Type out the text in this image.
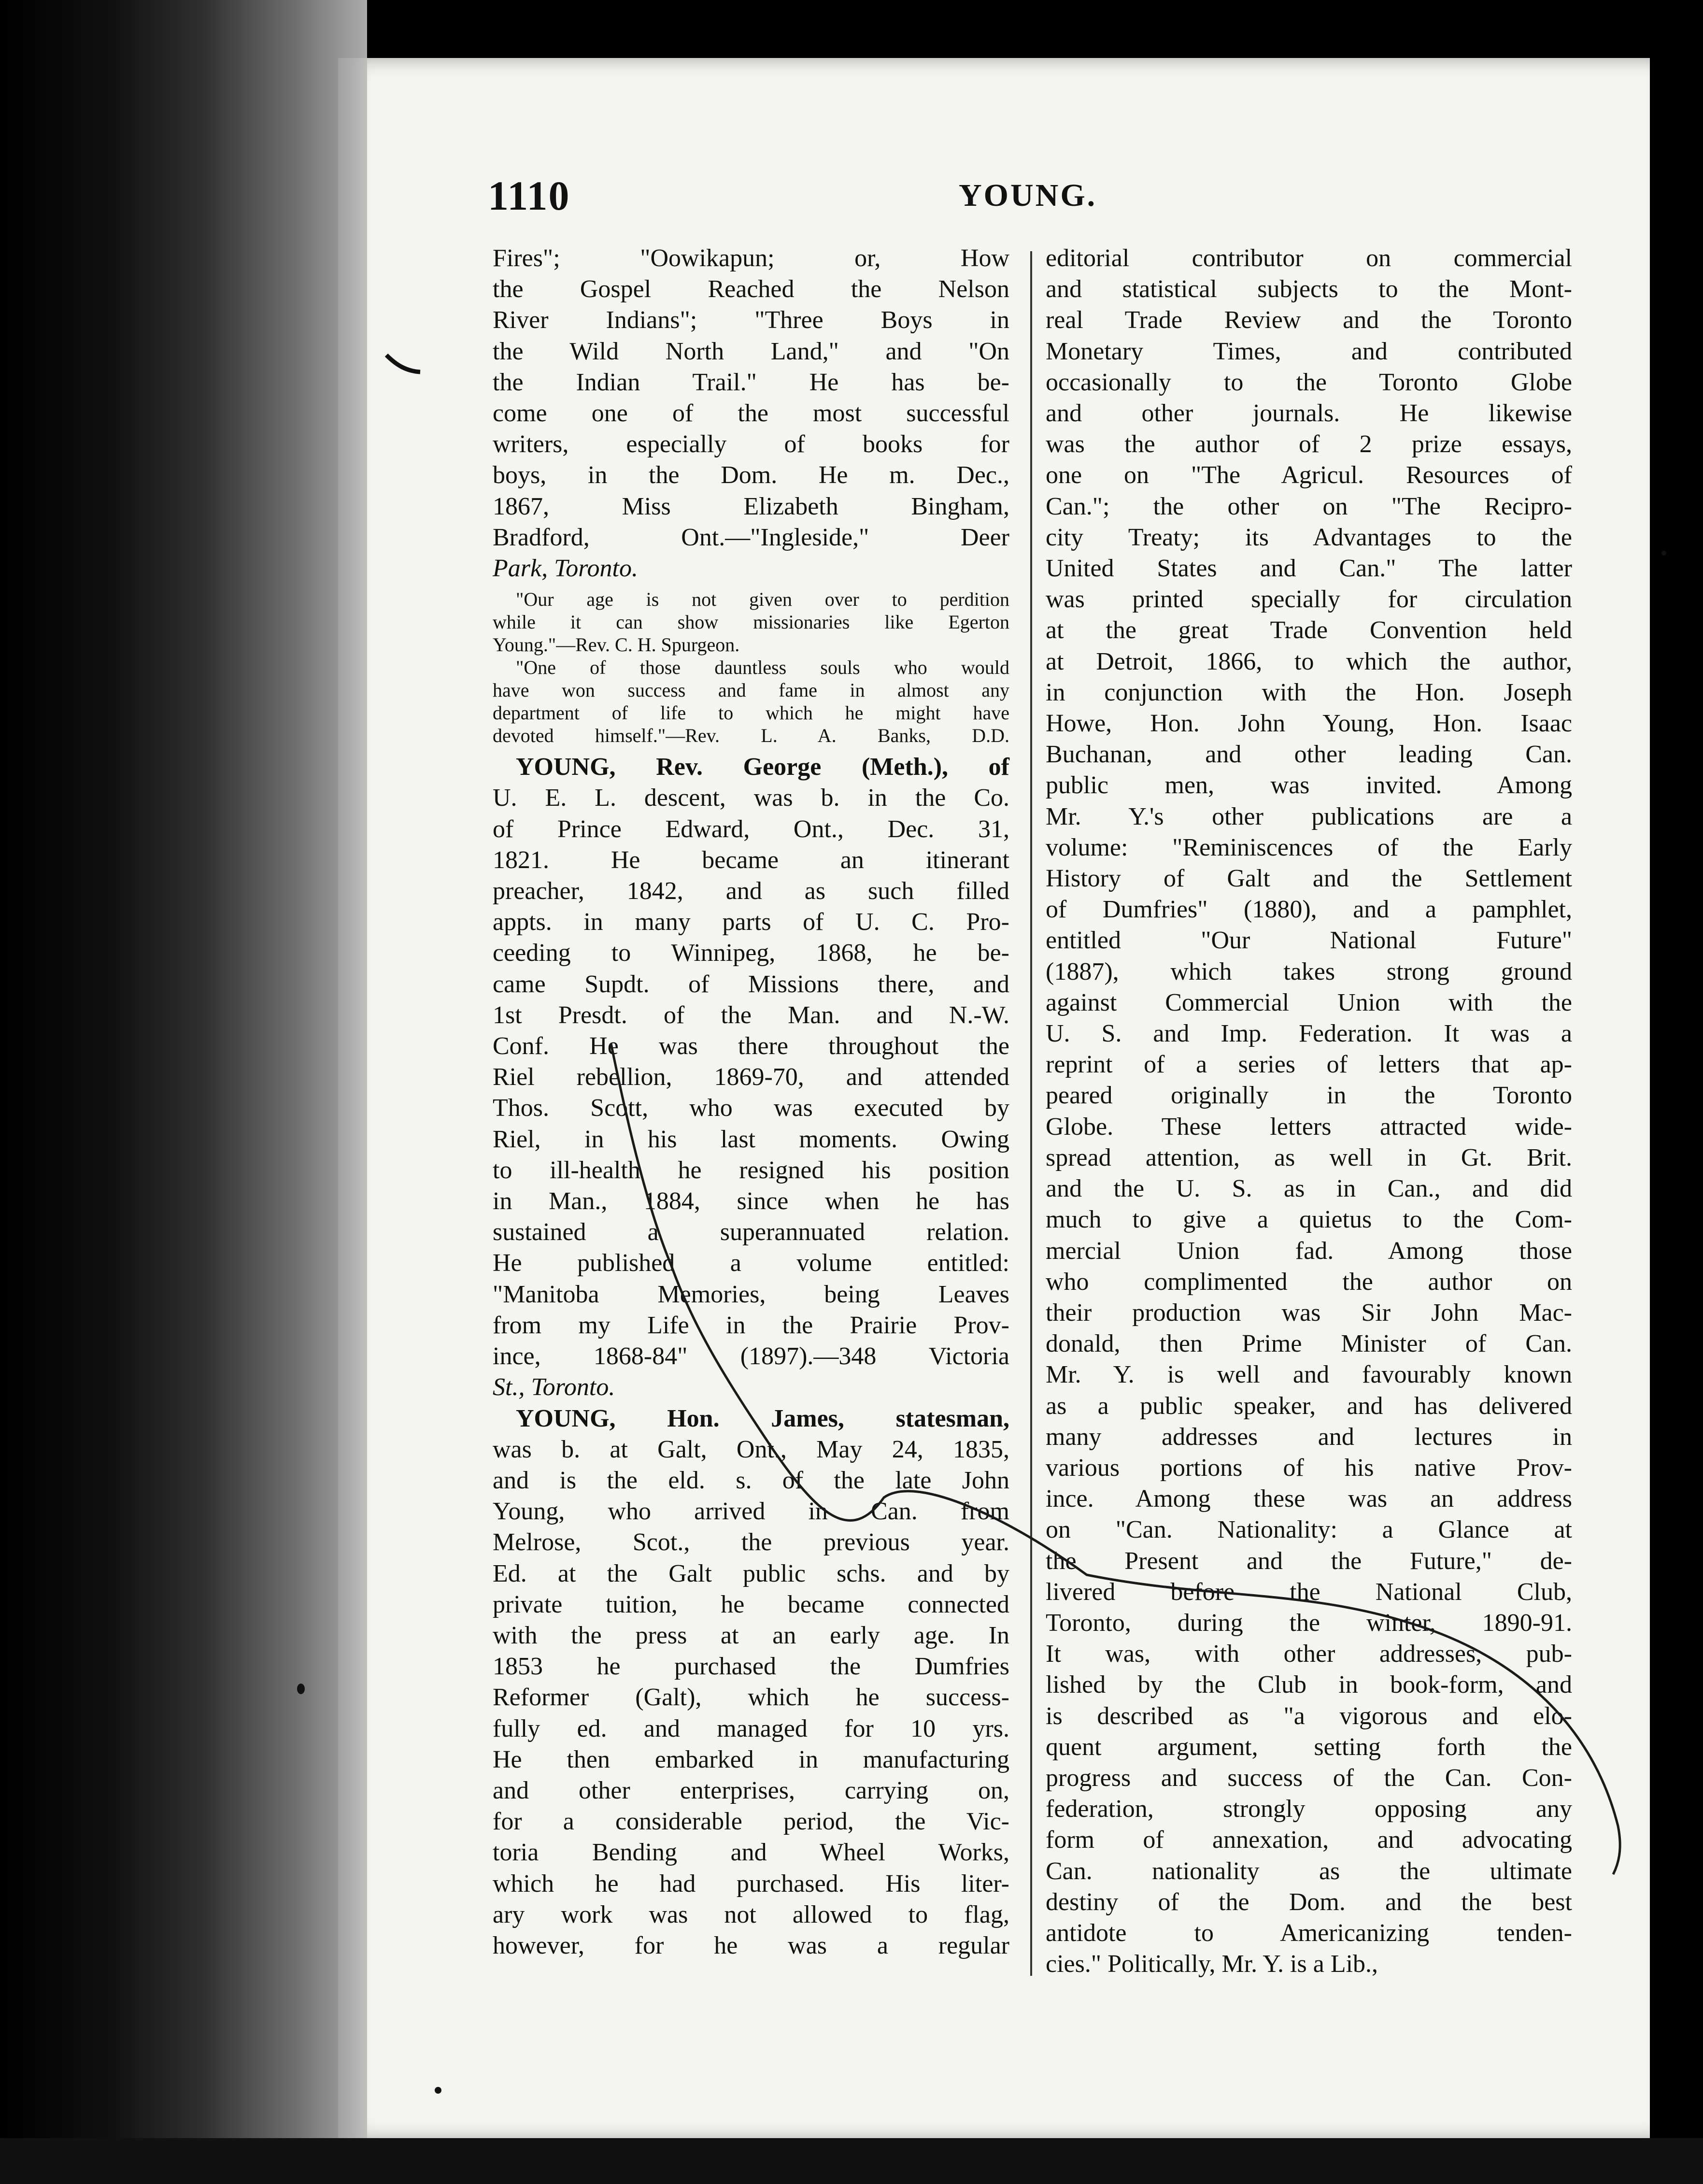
1110	YOUNG.
Fires"; "Oowikapun; or, How
the Gospel Reached the Nelson
River Indians"; "Three Boys in
the Wild North Land," and "On
the Indian Trail." He has be-
come one of the most successful
writers, especially of books for
boys, in the Dom. He m. Dec.,
1867, Miss Elizabeth Bingham,
Bradford, Ont.—"Ingleside," Deer
Park, Toronto.
"Our age is not given over to perdition
while it can show missionaries like Egerton
Young."—Rev. C. H. Spurgeon.
"One of those dauntless souls who would
have won success and fame in almost any
department of life to which he might have
devoted himself."—Rev. L. A. Banks, D.D.
YOUNG, Rev. George (Meth.), of
U. E. L. descent, was b. in the Co.
of Prince Edward, Ont., Dec. 31,
1821. He became an itinerant
preacher, 1842, and as such filled
appts. in many parts of U. C. Pro-
ceeding to Winnipeg, 1868, he be-
came Supdt. of Missions there, and
1st Presdt. of the Man. and N.-W.
Conf. He was there throughout the
Riel rebellion, 1869-70, and attended
Thos. Scott, who was executed by
Riel, in his last moments. Owing
to ill-health he resigned his position
in Man., 1884, since when he has
sustained a superannuated relation.
He published a volume entitled:
"Manitoba Memories, being Leaves
from my Life in the Prairie Prov-
ince, 1868-84" (1897).—348 Victoria
St., Toronto.
YOUNG, Hon. James, statesman,
was b. at Galt, Ont., May 24, 1835,
and is the eld. s. of the late John
Young, who arrived in Can. from
Melrose, Scot., the previous year.
Ed. at the Galt public schs. and by
private tuition, he became connected
with the press at an early age. In
1853 he purchased the Dumfries
Reformer (Galt), which he success-
fully ed. and managed for 10 yrs.
He then embarked in manufacturing
and other enterprises, carrying on,
for a considerable period, the Vic-
toria Bending and Wheel Works,
which he had purchased. His liter-
ary work was not allowed to flag,
however, for he was a regular
editorial contributor on commercial
and statistical subjects to the Mont-
real Trade Review and the Toronto
Monetary Times, and contributed
occasionally to the Toronto Globe
and other journals. He likewise
was the author of 2 prize essays,
one on "The Agricul. Resources of
Can."; the other on "The Recipro-
city Treaty; its Advantages to the
United States and Can." The latter
was printed specially for circulation
at the great Trade Convention held
at Detroit, 1866, to which the author,
in conjunction with the Hon. Joseph
Howe, Hon. John Young, Hon. Isaac
Buchanan, and other leading Can.
public men, was invited. Among
Mr. Y.'s other publications are a
volume: "Reminiscences of the Early
History of Galt and the Settlement
of Dumfries" (1880), and a pamphlet,
entitled "Our National Future"
(1887), which takes strong ground
against Commercial Union with the
U. S. and Imp. Federation. It was a
reprint of a series of letters that ap-
peared originally in the Toronto
Globe. These letters attracted wide-
spread attention, as well in Gt. Brit.
and the U. S. as in Can., and did
much to give a quietus to the Com-
mercial Union fad. Among those
who complimented the author on
their production was Sir John Mac-
donald, then Prime Minister of Can.
Mr. Y. is well and favourably known
as a public speaker, and has delivered
many addresses and lectures in
various portions of his native Prov-
ince. Among these was an address
on "Can. Nationality: a Glance at
the Present and the Future," de-
livered before the National Club,
Toronto, during the winter, 1890-91.
It was, with other addresses, pub-
lished by the Club in book-form, and
is described as "a vigorous and elo-
quent argument, setting forth the
progress and success of the Can. Con-
federation, strongly opposing any
form of annexation, and advocating
Can. nationality as the ultimate
destiny of the Dom. and the best
antidote to Americanizing tenden-
cies." Politically, Mr. Y. is a Lib.,
